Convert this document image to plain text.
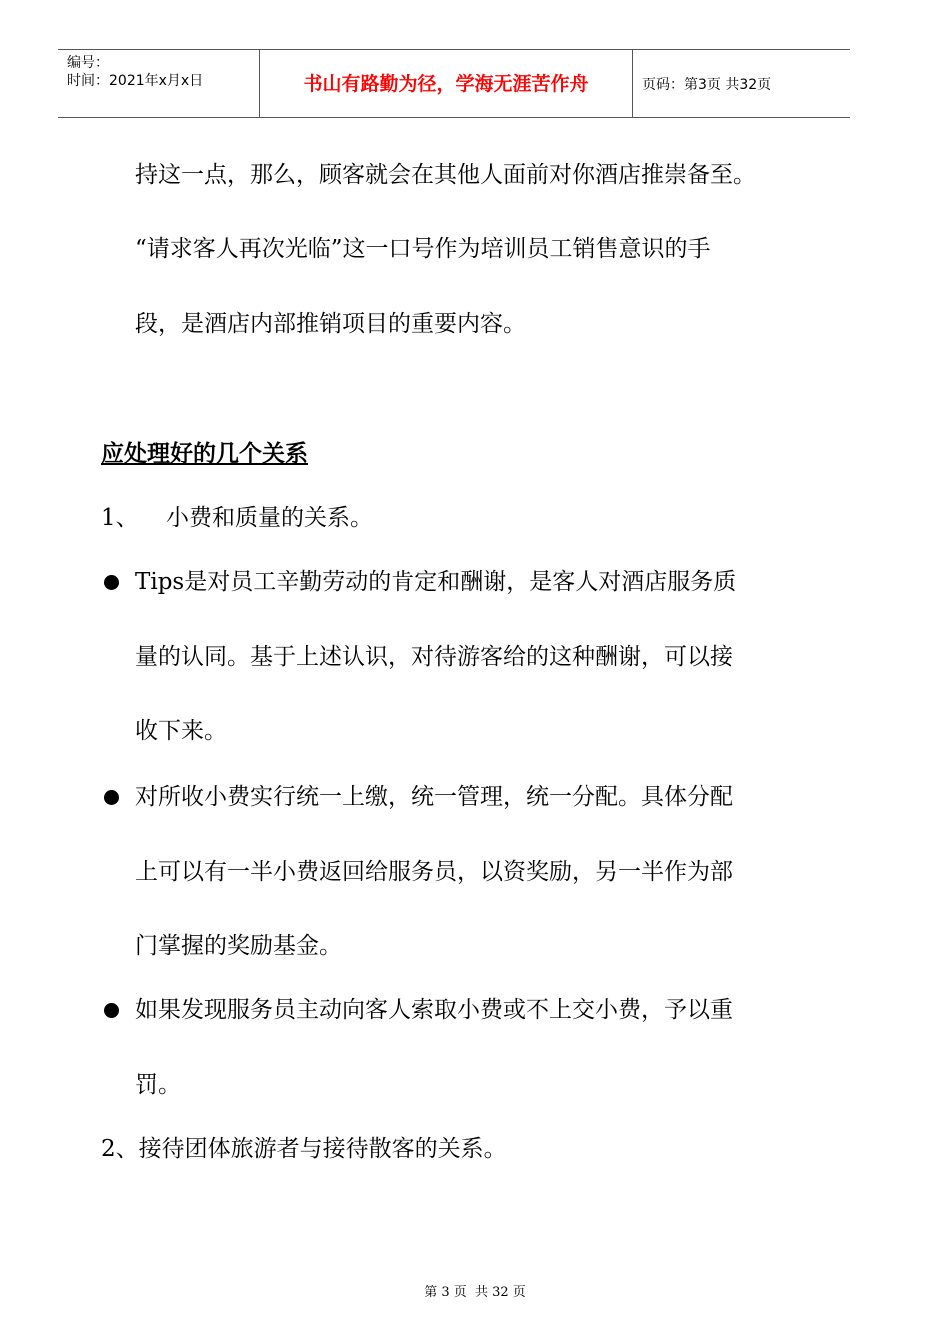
编号：
时间：2021年x月x日	书山有路勤为径，学海无涯苦作舟	页码：第3页 共32页
持这一点，那么，顾客就会在其他人面前对你酒店推崇备至。
“请求客人再次光临”这一口号作为培训员工销售意识的手
段，是酒店内部推销项目的重要内容。
应处理好的几个关系
1、 小费和质量的关系。
Tips是对员工辛勤劳动的肯定和酬谢，是客人对酒店服务质
量的认同。基于上述认识，对待游客给的这种酬谢，可以接
收下来。
对所收小费实行统一上缴，统一管理，统一分配。具体分配
上可以有一半小费返回给服务员，以资奖励，另一半作为部
门掌握的奖励基金。
如果发现服务员主动向客人索取小费或不上交小费，予以重
罚。
2、接待团体旅游者与接待散客的关系。
第 3 页  共 32 页
